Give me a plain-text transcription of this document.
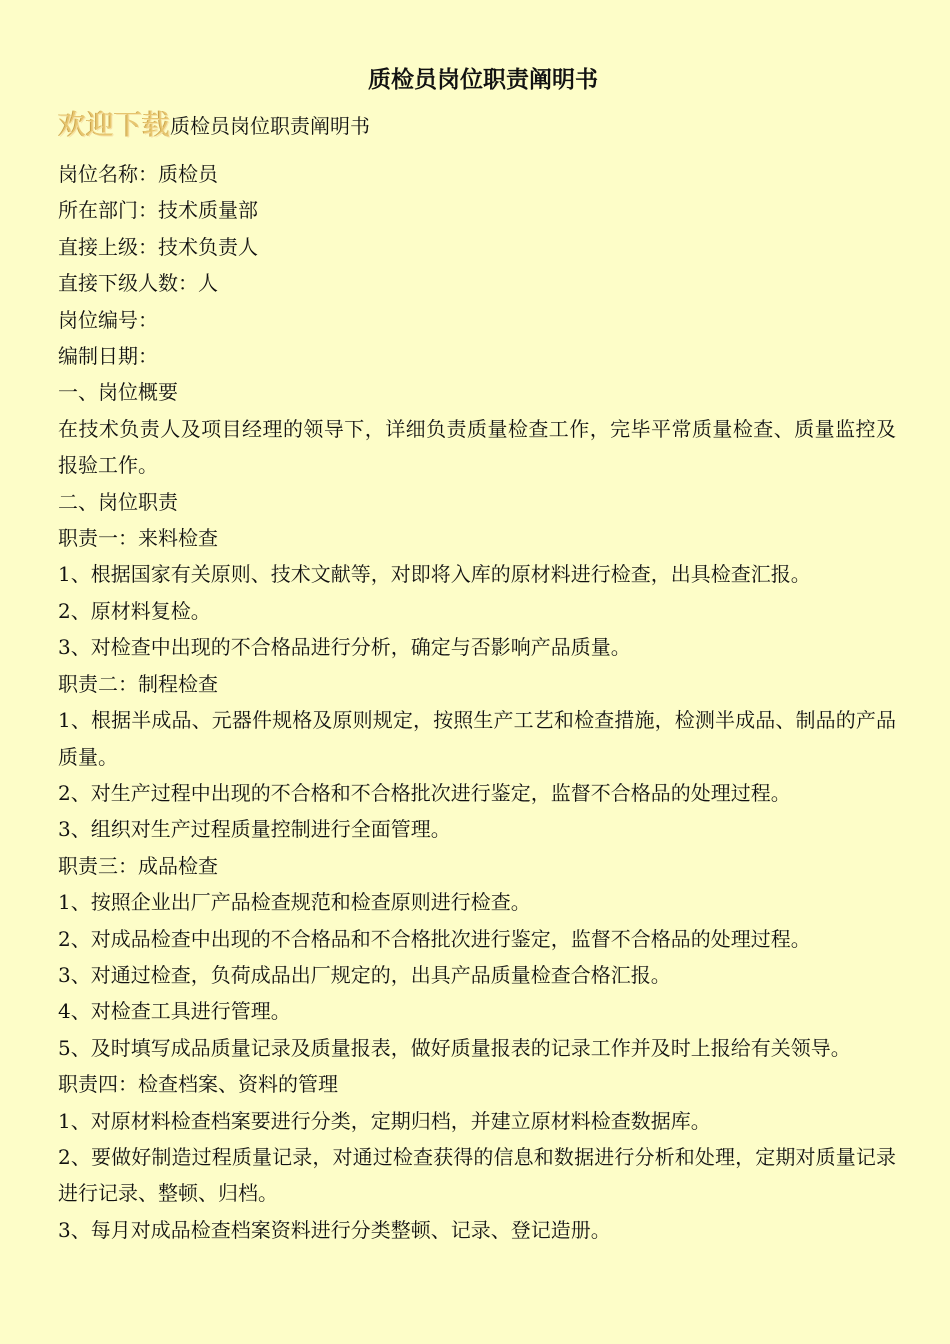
质检员岗位职责阐明书
欢迎下载质检员岗位职责阐明书
岗位名称：质检员
所在部门：技术质量部
直接上级：技术负责人
直接下级人数：人
岗位编号：
编制日期：
一、岗位概要
在技术负责人及项目经理的领导下，详细负责质量检查工作，完毕平常质量检查、质量监控及报验工作。
二、岗位职责
职责一：来料检查
1、根据国家有关原则、技术文献等，对即将入库的原材料进行检查，出具检查汇报。
2、原材料复检。
3、对检查中出现的不合格品进行分析，确定与否影响产品质量。
职责二：制程检查
1、根据半成品、元器件规格及原则规定，按照生产工艺和检查措施，检测半成品、制品的产品质量。
2、对生产过程中出现的不合格和不合格批次进行鉴定，监督不合格品的处理过程。
3、组织对生产过程质量控制进行全面管理。
职责三：成品检查
1、按照企业出厂产品检查规范和检查原则进行检查。
2、对成品检查中出现的不合格品和不合格批次进行鉴定，监督不合格品的处理过程。
3、对通过检查，负荷成品出厂规定的，出具产品质量检查合格汇报。
4、对检查工具进行管理。
5、及时填写成品质量记录及质量报表，做好质量报表的记录工作并及时上报给有关领导。
职责四：检查档案、资料的管理
1、对原材料检查档案要进行分类，定期归档，并建立原材料检查数据库。
2、要做好制造过程质量记录，对通过检查获得的信息和数据进行分析和处理，定期对质量记录进行记录、整顿、归档。
3、每月对成品检查档案资料进行分类整顿、记录、登记造册。
